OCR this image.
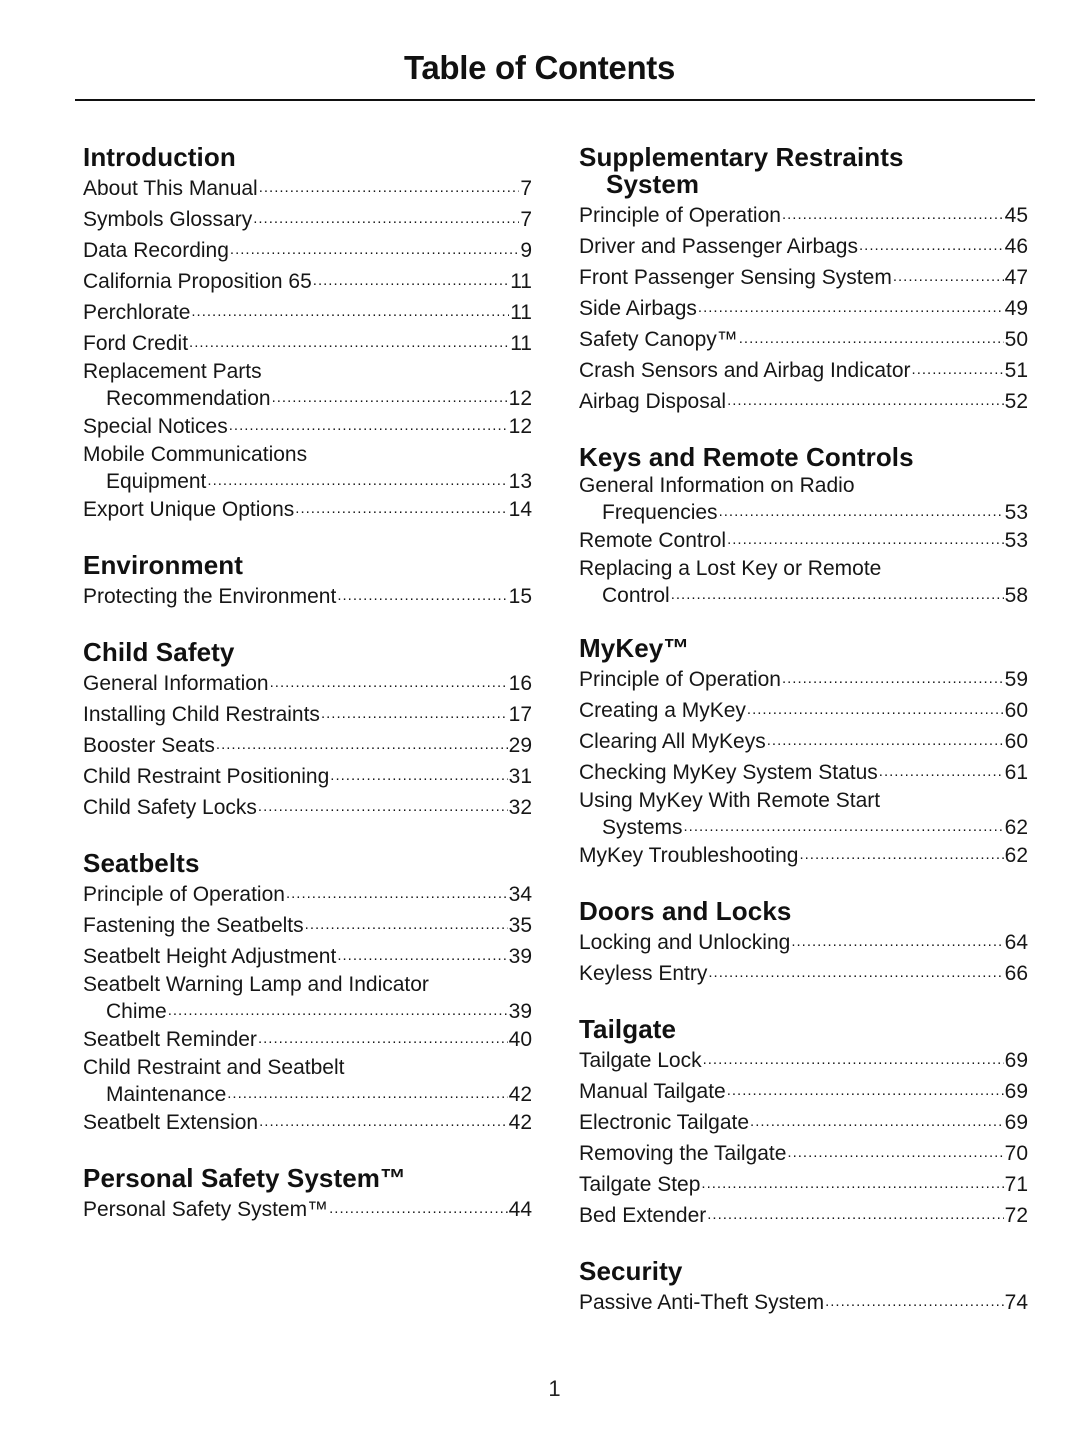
Table of Contents
Introduction
About This Manual .....	7
Symbols Glossary .....	7
Data Recording .....	9
California Proposition 65 .....	11
Perchlorate .....	11
Ford Credit .....	11
Replacement Parts
Recommendation .....	12
Special Notices .....	12
Mobile Communications
Equipment .....	13
Export Unique Options .....	14
Environment
Protecting the Environment .....	15
Child Safety
General Information .....	16
Installing Child Restraints .....	17
Booster Seats .....	29
Child Restraint Positioning .....	31
Child Safety Locks .....	32
Seatbelts
Principle of Operation .....	34
Fastening the Seatbelts .....	35
Seatbelt Height Adjustment .....	39
Seatbelt Warning Lamp and Indicator
Chime .....	39
Seatbelt Reminder .....	40
Child Restraint and Seatbelt
Maintenance .....	42
Seatbelt Extension .....	42
Personal Safety System™
Personal Safety System™ .....	44
Supplementary Restraints
System
Principle of Operation .....	45
Driver and Passenger Airbags .....	46
Front Passenger Sensing System .....	47
Side Airbags .....	49
Safety Canopy™ .....	50
Crash Sensors and Airbag Indicator .....	51
Airbag Disposal .....	52
Keys and Remote Controls
General Information on Radio
Frequencies .....	53
Remote Control .....	53
Replacing a Lost Key or Remote
Control .....	58
MyKey™
Principle of Operation .....	59
Creating a MyKey .....	60
Clearing All MyKeys .....	60
Checking MyKey System Status .....	61
Using MyKey With Remote Start
Systems .....	62
MyKey Troubleshooting .....	62
Doors and Locks
Locking and Unlocking .....	64
Keyless Entry .....	66
Tailgate
Tailgate Lock .....	69
Manual Tailgate .....	69
Electronic Tailgate .....	69
Removing the Tailgate .....	70
Tailgate Step .....	71
Bed Extender .....	72
Security
Passive Anti-Theft System .....	74
1
